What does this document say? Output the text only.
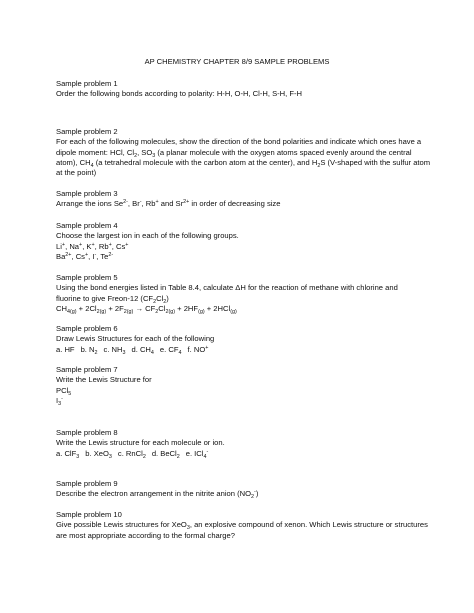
AP CHEMISTRY CHAPTER 8/9 SAMPLE PROBLEMS
Sample problem 1
Order the following bonds according to polarity: H-H, O-H, Cl-H, S-H, F-H
Sample problem 2
For each of the following molecules, show the direction of the bond polarities and indicate which ones have a dipole moment: HCl, $Cl_2$, $SO_3$ (a planar molecule with the oxygen atoms spaced evenly around the central atom), $CH_4$ (a tetrahedral molecule with the carbon atom at the center), and $H_2S$ (V-shaped with the sulfur atom at the point)
Sample problem 3
Arrange the ions $Se^{2-}$, Br-, Rb+ and $Sr^{2+}$ in order of decreasing size
Sample problem 4
Choose the largest ion in each of the following groups.
Li+, Na+, K+, Rb+, Cs+
$Ba^{2+}$, Cs+, I-, $Te^{2-}$
Sample problem 5
Using the bond energies listed in Table 8.4, calculate ΔH for the reaction of methane with chlorine and
fluorine to give Freon-12 $(CF_2Cl_2)$
$CH_{4(g)} + 2Cl_{2(g)} + 2F_{2(g)} \to CF_2Cl_{2(g)} + 2HF_{(g)} + 2HCl_{(g)}$
Sample problem 6
Draw Lewis Structures for each of the following
a. HF b. $N_2$ c. $NH_3$ d. $CH_4$ e. $CF_4$ f. NO+
Sample problem 7
Write the Lewis Structure for
PCl$_5$
$I_3^-$
Sample problem 8
Write the Lewis structure for each molecule or ion.
a. ClF$_3$ b. XeO$_3$ c. RnCl$_2$ d. BeCl$_2$ e. ICl$_4$-
Sample problem 9
Describe the electron arrangement in the nitrite anion $(NO_2^-)$
Sample problem 10
Give possible Lewis structures for XeO$_3$, an explosive compound of xenon. Which Lewis structure or structures are most appropriate according to the formal charge?
